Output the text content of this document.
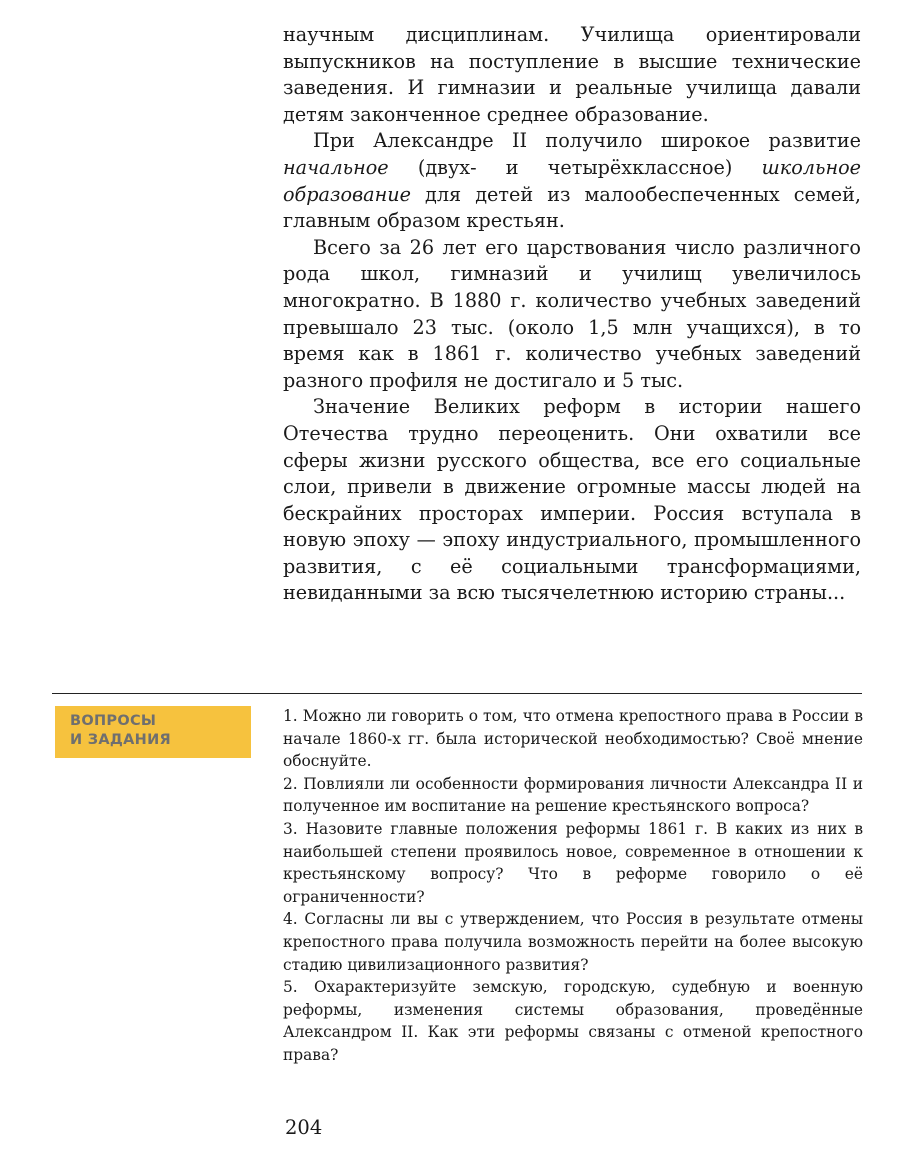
научным дисциплинам. Училища ориентировали выпускников на поступление в высшие технические заведения. И гимназии и реальные училища давали детям законченное среднее образование.

При Александре II получило широкое развитие начальное (двух- и четырёхклассное) школьное образование для детей из малообеспеченных семей, главным образом крестьян.

Всего за 26 лет его царствования число различного рода школ, гимназий и училищ увеличилось многократно. В 1880 г. количество учебных заведений превышало 23 тыс. (около 1,5 млн учащихся), в то время как в 1861 г. количество учебных заведений разного профиля не достигало и 5 тыс.

Значение Великих реформ в истории нашего Отечества трудно переоценить. Они охватили все сферы жизни русского общества, все его социальные слои, привели в движение огромные массы людей на бескрайних просторах империи. Россия вступала в новую эпоху — эпоху индустриального, промышленного развития, с её социальными трансформациями, невиданными за всю тысячелетнюю историю страны...

ВОПРОСЫ
И ЗАДАНИЯ

1. Можно ли говорить о том, что отмена крепостного права в России в начале 1860-х гг. была исторической необходимостью? Своё мнение обоснуйте.

2. Повлияли ли особенности формирования личности Александра II и полученное им воспитание на решение крестьянского вопроса?

3. Назовите главные положения реформы 1861 г. В каких из них в наибольшей степени проявилось новое, современное в отношении к крестьянскому вопросу? Что в реформе говорило о её ограниченности?

4. Согласны ли вы с утверждением, что Россия в результате отмены крепостного права получила возможность перейти на более высокую стадию цивилизационного развития?

5. Охарактеризуйте земскую, городскую, судебную и военную реформы, изменения системы образования, проведённые Александром II. Как эти реформы связаны с отменой крепостного права?

204
